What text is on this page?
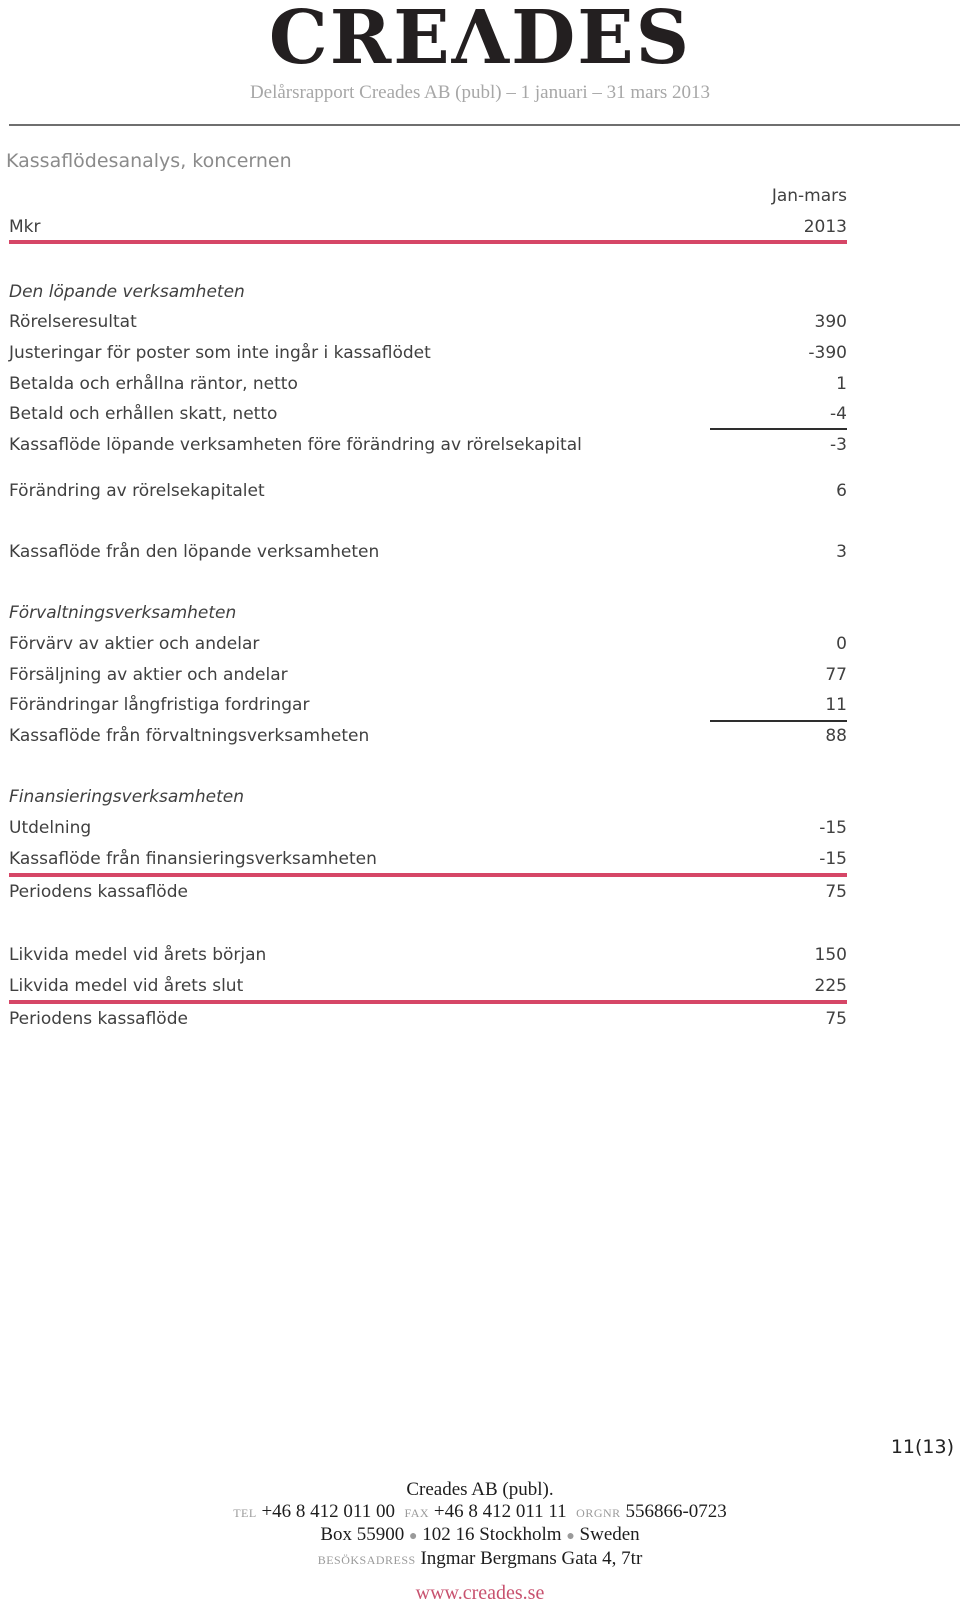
CREΛDES
Delårsrapport Creades AB (publ) – 1 januari – 31 mars 2013
Kassaflödesanalys, koncernen
Jan-mars
Mkr	2013
Den löpande verksamheten
Rörelseresultat	390
Justeringar för poster som inte ingår i kassaflödet	-390
Betalda och erhållna räntor, netto	1
Betald och erhållen skatt, netto	-4
Kassaflöde löpande verksamheten före förändring av rörelsekapital	-3
Förändring av rörelsekapitalet	6
Kassaflöde från den löpande verksamheten	3
Förvaltningsverksamheten
Förvärv av aktier och andelar	0
Försäljning av aktier och andelar	77
Förändringar långfristiga fordringar	11
Kassaflöde från förvaltningsverksamheten	88
Finansieringsverksamheten
Utdelning	-15
Kassaflöde från finansieringsverksamheten	-15
Periodens kassaflöde	75
Likvida medel vid årets början	150
Likvida medel vid årets slut	225
Periodens kassaflöde	75
11(13)
Creades AB (publ).
TEL +46 8 412 011 00 FAX +46 8 412 011 11 ORGNR 556866-0723
Box 55900 ● 102 16 Stockholm ● Sweden
BESÖKSADRESS Ingmar Bergmans Gata 4, 7tr
www.creades.se
